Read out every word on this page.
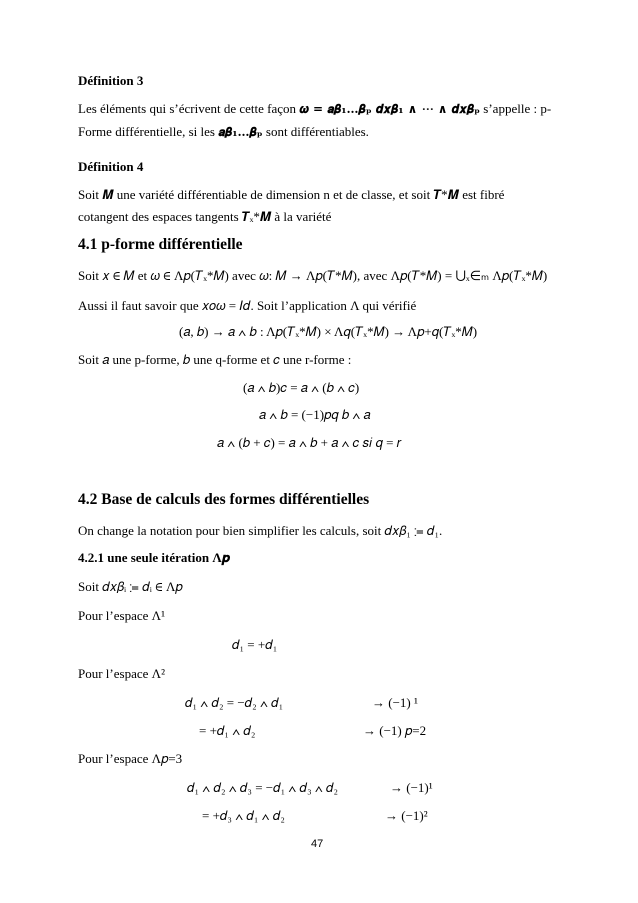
Définition 3
Les éléments qui s’écrivent de cette façon 𝝎 = 𝒂𝜷₁…𝜷ₚ 𝒅𝒙𝜷₁ ∧ ⋯ ∧ 𝒅𝒙𝜷ₚ s’appelle : p-
Forme différentielle, si les 𝒂𝜷₁…𝜷ₚ sont différentiables.
Définition 4
Soit 𝑴 une variété différentiable de dimension n et de classe, et soit 𝑻*𝑴 est fibré
cotangent des espaces tangents 𝑻ₓ*𝑴 à la variété
4.1 p-forme différentielle
Soit 𝑥 ∈ 𝑀 et 𝜔 ∈ Λ𝑝(𝑇ₓ*𝑀) avec 𝜔: 𝑀 → Λ𝑝(𝑇*𝑀), avec Λ𝑝(𝑇*𝑀) = ⋃ₓ∈ₘ Λ𝑝(𝑇ₓ*𝑀)
Aussi il faut savoir que 𝑥𝑜𝜔 = 𝐼𝑑. Soit l’application Λ qui vérifié
(𝑎, 𝑏) → 𝑎 ∧ 𝑏 : Λ𝑝(𝑇ₓ*𝑀) × Λ𝑞(𝑇ₓ*𝑀) → Λ𝑝+𝑞(𝑇ₓ*𝑀)
Soit 𝑎 une p-forme, 𝑏 une q-forme et 𝑐 une r-forme :
(𝑎 ∧ 𝑏)𝑐 = 𝑎 ∧ (𝑏 ∧ 𝑐)
𝑎 ∧ 𝑏 = (−1)𝑝𝑞 𝑏 ∧ 𝑎
𝑎 ∧ (𝑏 + 𝑐) = 𝑎 ∧ 𝑏 + 𝑎 ∧ 𝑐 𝑠𝑖 𝑞 = 𝑟
4.2 Base de calculs des formes différentielles
On change la notation pour bien simplifier les calculs, soit 𝑑𝑥𝛽₁ ≔ 𝑑₁.
4.2.1 une seule itération Λ𝒑
Soit 𝑑𝑥𝛽ᵢ ≔ 𝑑ᵢ ∈ Λ𝑝
Pour l’espace Λ¹
𝑑₁ = +𝑑₁
Pour l’espace Λ²
𝑑₁ ∧ 𝑑₂ = −𝑑₂ ∧ 𝑑₁	→ (−1) ¹
= +𝑑₁ ∧ 𝑑₂	→ (−1) 𝑝=2
Pour l’espace Λ𝑝=3
𝑑₁ ∧ 𝑑₂ ∧ 𝑑₃ = −𝑑₁ ∧ 𝑑₃ ∧ 𝑑₂	→ (−1)¹
= +𝑑₃ ∧ 𝑑₁ ∧ 𝑑₂	→ (−1)²
47
